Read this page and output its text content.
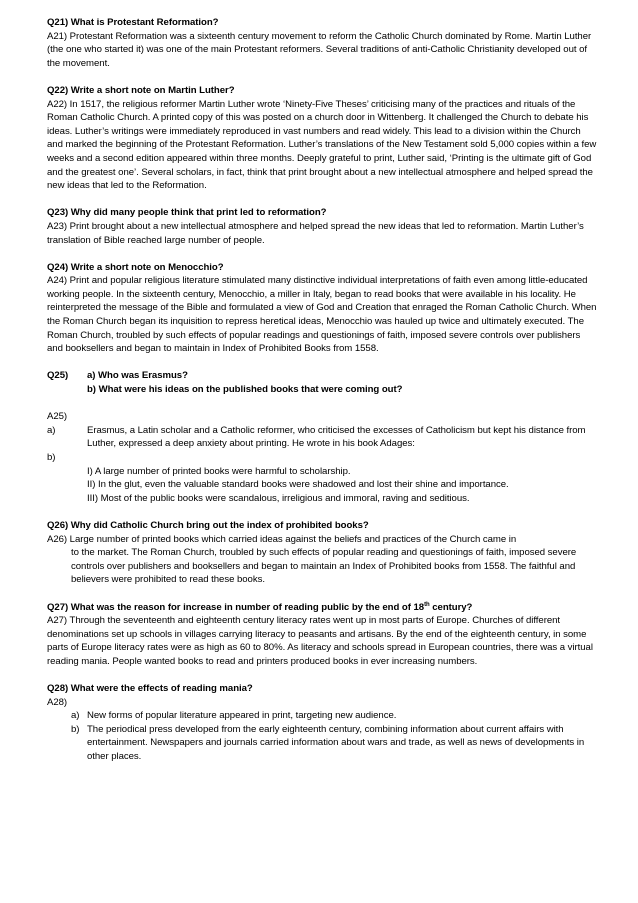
Q21) What is Protestant Reformation?

A21) Protestant Reformation was a sixteenth century movement to reform the Catholic Church dominated by Rome. Martin Luther (the one who started it) was one of the main Protestant reformers. Several traditions of anti-Catholic Christianity developed out of the movement.

Q22) Write a short note on Martin Luther?

A22) In 1517, the religious reformer Martin Luther wrote ‘Ninety-Five Theses’ criticising many of the practices and rituals of the Roman Catholic Church. A printed copy of this was posted on a church door in Wittenberg. It challenged the Church to debate his ideas. Luther’s writings were immediately reproduced in vast numbers and read widely. This lead to a division within the Church and marked the beginning of the Protestant Reformation. Luther’s translations of the New Testament sold 5,000 copies within a few weeks and a second edition appeared within three months. Deeply grateful to print, Luther said, ‘Printing is the ultimate gift of God and the greatest one’. Several scholars, in fact, think that print brought about a new intellectual atmosphere and helped spread the new ideas that led to the Reformation.

Q23) Why did many people think that print led to reformation?

A23) Print brought about a new intellectual atmosphere and helped spread the new ideas that led to reformation. Martin Luther’s translation of Bible reached large number of people.

Q24) Write a short note on Menocchio?

A24) Print and popular religious literature stimulated many distinctive individual interpretations of faith even among little-educated working people. In the sixteenth century, Menocchio, a miller in Italy, began to read books that were available in his locality. He reinterpreted the message of the Bible and formulated a view of God and Creation that enraged the Roman Catholic Church. When the Roman Church began its inquisition to repress heretical ideas, Menocchio was hauled up twice and ultimately executed. The Roman Church, troubled by such effects of popular readings and questionings of faith, imposed severe controls over publishers and booksellers and began to maintain in Index of Prohibited Books from 1558.

Q25)	a) Who was Erasmus?

b) What were his ideas on the published books that were coming out?

A25)

a)	Erasmus, a Latin scholar and a Catholic reformer, who criticised the excesses of Catholicism but kept his distance from Luther, expressed a deep anxiety about printing. He wrote in his book Adages:

b)

I) A large number of printed books were harmful to scholarship.

II) In the glut, even the valuable standard books were shadowed and lost their shine and importance.

III) Most of the public books were scandalous, irreligious and immoral, raving and seditious.

Q26) Why did Catholic Church bring out the index of prohibited books?

A26) Large number of printed books which carried ideas against the beliefs and practices of the Church came in

to the market. The Roman Church, troubled by such effects of popular reading and questionings of faith, imposed severe controls over publishers and booksellers and began to maintain an Index of Prohibited books from 1558. The faithful and believers were prohibited to read these books.

Q27) What was the reason for increase in number of reading public by the end of 18th century?

A27) Through the seventeenth and eighteenth century literacy rates went up in most parts of Europe. Churches of different denominations set up schools in villages carrying literacy to peasants and artisans. By the end of the eighteenth century, in some parts of Europe literacy rates were as high as 60 to 80%. As literacy and schools spread in European countries, there was a virtual reading mania. People wanted books to read and printers produced books in ever increasing numbers.

Q28) What were the effects of reading mania?

A28)

a) New forms of popular literature appeared in print, targeting new audience.
b) The periodical press developed from the early eighteenth century, combining information about current affairs with entertainment. Newspapers and journals carried information about wars and trade, as well as news of developments in other places.
